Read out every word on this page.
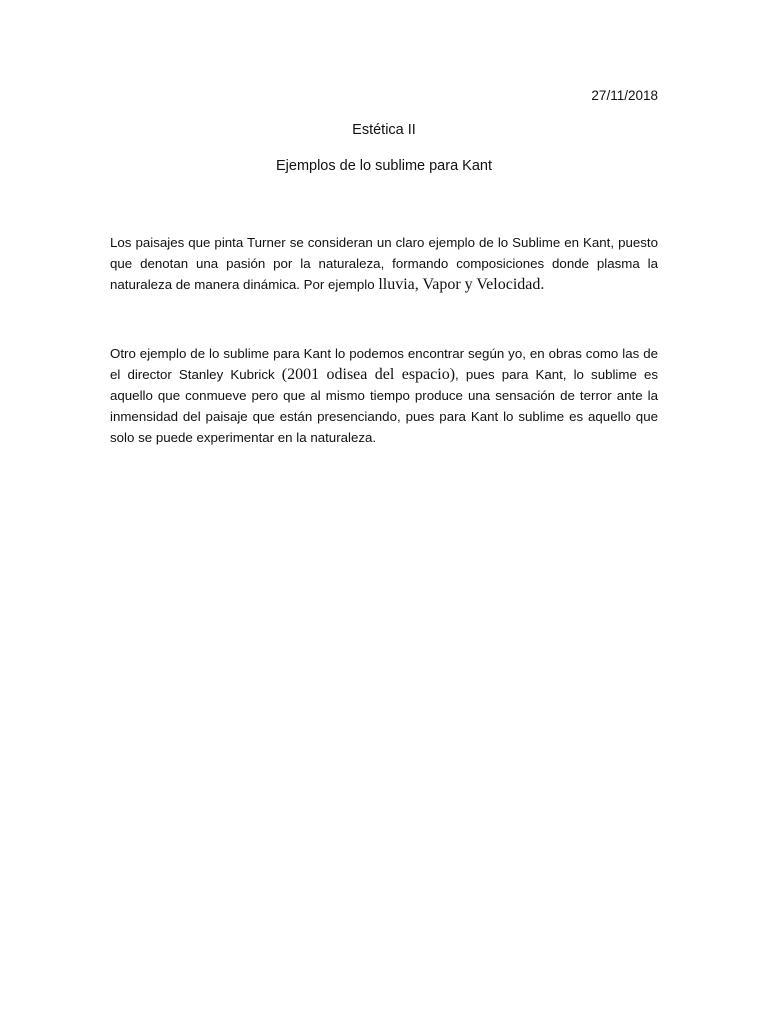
27/11/2018
Estética II
Ejemplos de lo sublime para Kant

Los paisajes que pinta Turner se consideran un claro ejemplo de lo Sublime en Kant, puesto que denotan una pasión por la naturaleza, formando composiciones donde plasma la naturaleza de manera dinámica. Por ejemplo lluvia, Vapor y Velocidad.

Otro ejemplo de lo sublime para Kant lo podemos encontrar según yo, en obras como las de el director Stanley Kubrick (2001 odisea del espacio), pues para Kant, lo sublime es aquello que conmueve pero que al mismo tiempo produce una sensación de terror ante la inmensidad del paisaje que están presenciando, pues para Kant lo sublime es aquello que solo se puede experimentar en la naturaleza.
